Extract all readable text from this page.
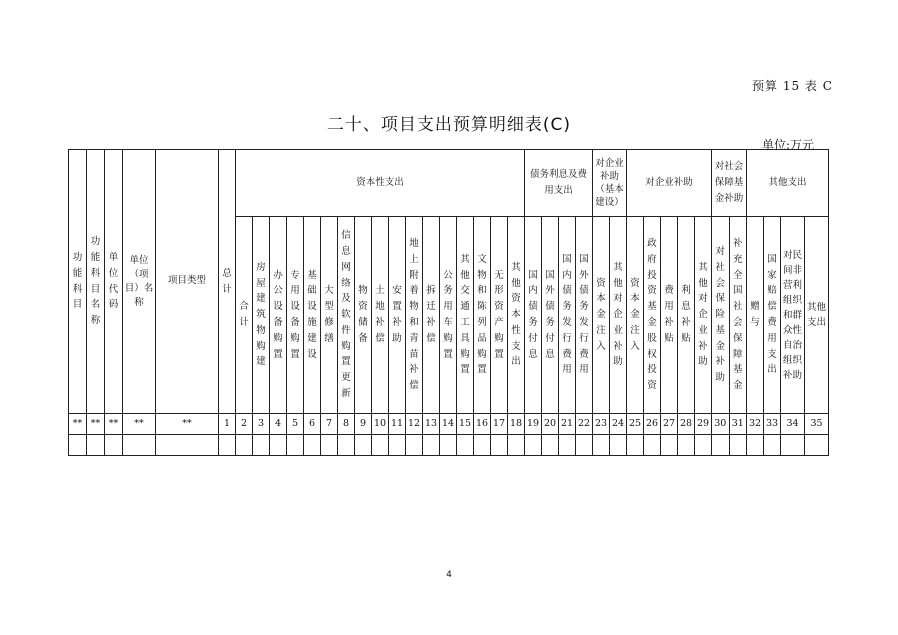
预算 15 表 C
二十、项目支出预算明细表(C)
单位:万元
功能科目	功能科目名称	单位代码	单位（项目）名称	项目类型	总计	资本性支出																	债务利息及费用支出				对企业补助（基本建设）		对企业补助					对社会保障基金补助		其他支出			
						合计	房屋建筑物购建	办公设备购置	专用设备购置	基础设施建设	大型修缮	信息网络及软件购置更新	物资储备	土地补偿	安置补助	地上附着物和青苗补偿	拆迁补偿	公务用车购置	其他交通工具购置	文物和陈列品购置	无形资产购置	其他资本性支出	国内债务付息	国外债务付息	国内债务发行费用	国外债务发行费用	资本金注入	其他对企业补助	资本金注入	政府投资基金股权投资	费用补贴	利息补贴	其他对企业补助	对社会保险基金补助	补充全国社会保障基金	赠与	国家赔偿费用支出	对民间非营利组织和群众性自治组织补助	其他支出
**	**	**	**	**	1	2	3	4	5	6	7	8	9	10	11	12	13	14	15	16	17	18	19	20	21	22	23	24	25	26	27	28	29	30	31	32	33	34	35

4
